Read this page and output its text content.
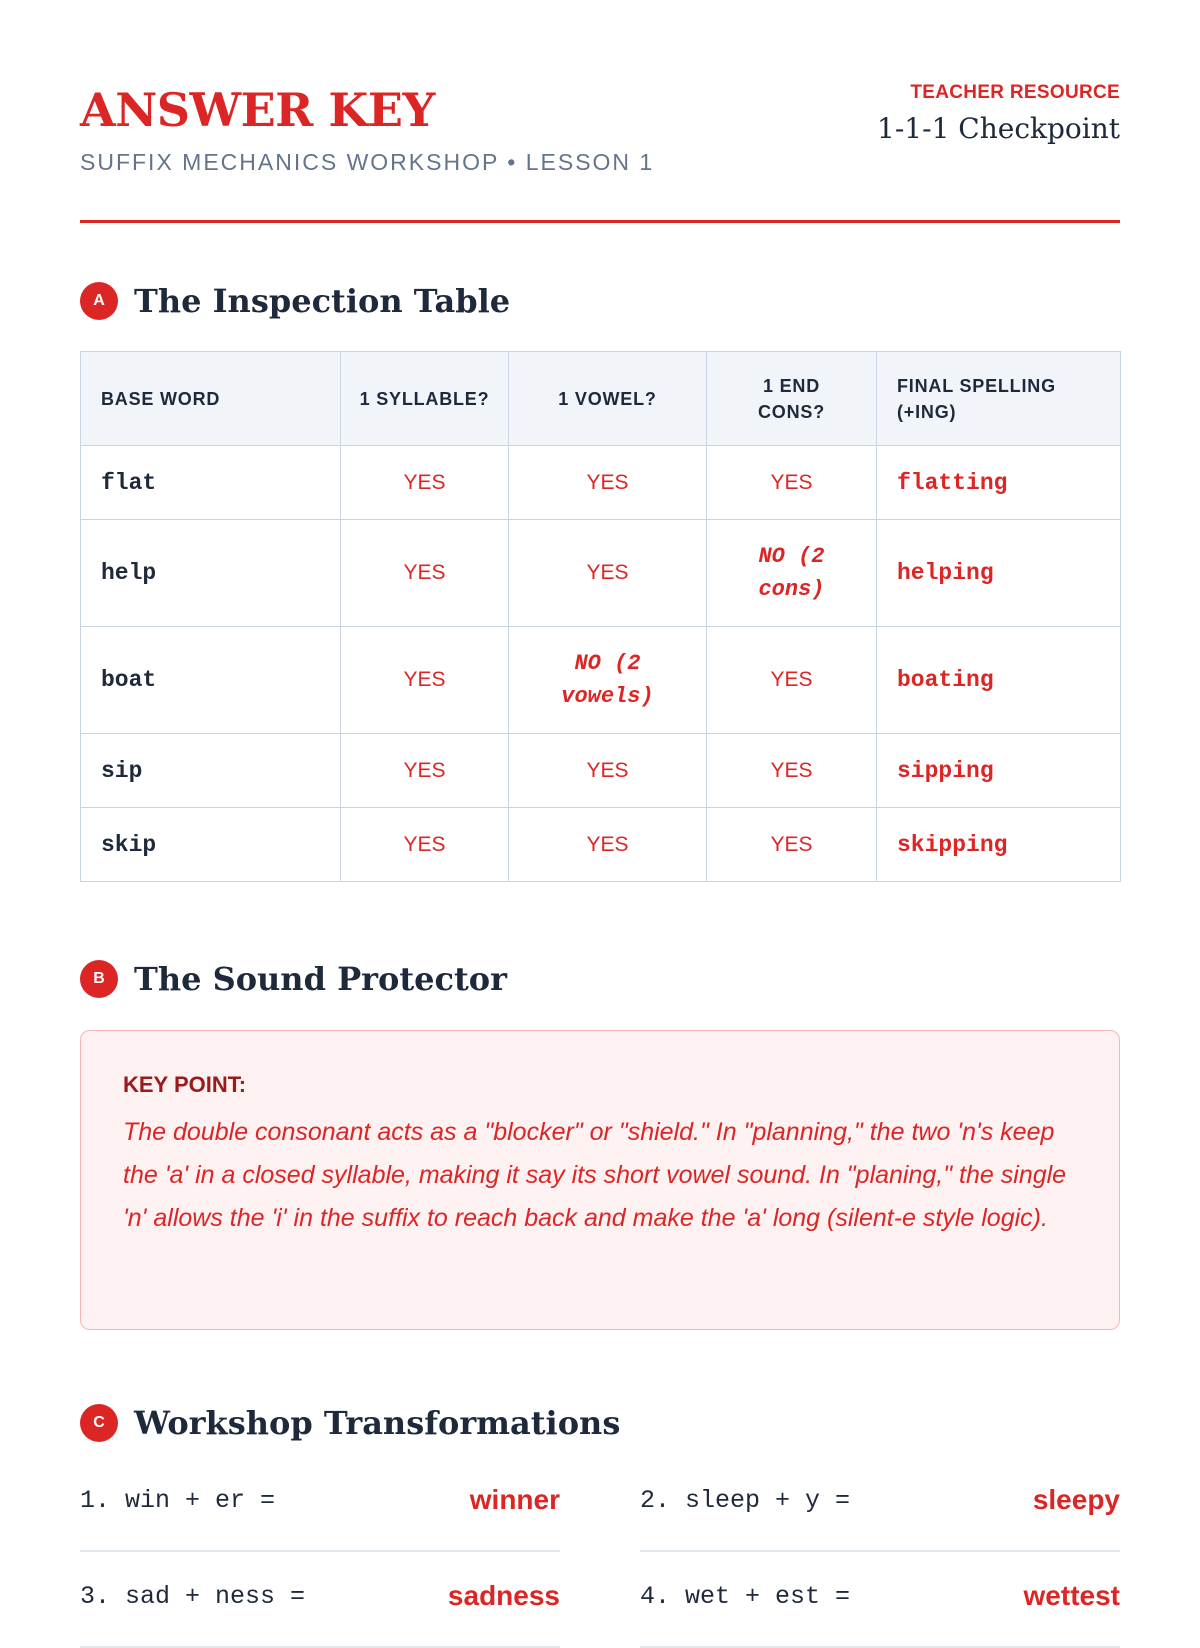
ANSWER KEY
SUFFIX MECHANICS WORKSHOP • LESSON 1
TEACHER RESOURCE
1-1-1 Checkpoint
A The Inspection Table
BASE WORD	1 SYLLABLE?	1 VOWEL?	1 END CONS?	FINAL SPELLING (+ING)
flat	YES	YES	YES	flatting
help	YES	YES	NO (2 cons)	helping
boat	YES	NO (2 vowels)	YES	boating
sip	YES	YES	YES	sipping
skip	YES	YES	YES	skipping
B The Sound Protector
KEY POINT:
The double consonant acts as a "blocker" or "shield." In "planning," the two 'n's keep the 'a' in a closed syllable, making it say its short vowel sound. In "planing," the single 'n' allows the 'i' in the suffix to reach back and make the 'a' long (silent-e style logic).
C Workshop Transformations
1. win + er =	winner	2. sleep + y =	sleepy
3. sad + ness =	sadness	4. wet + est =	wettest
